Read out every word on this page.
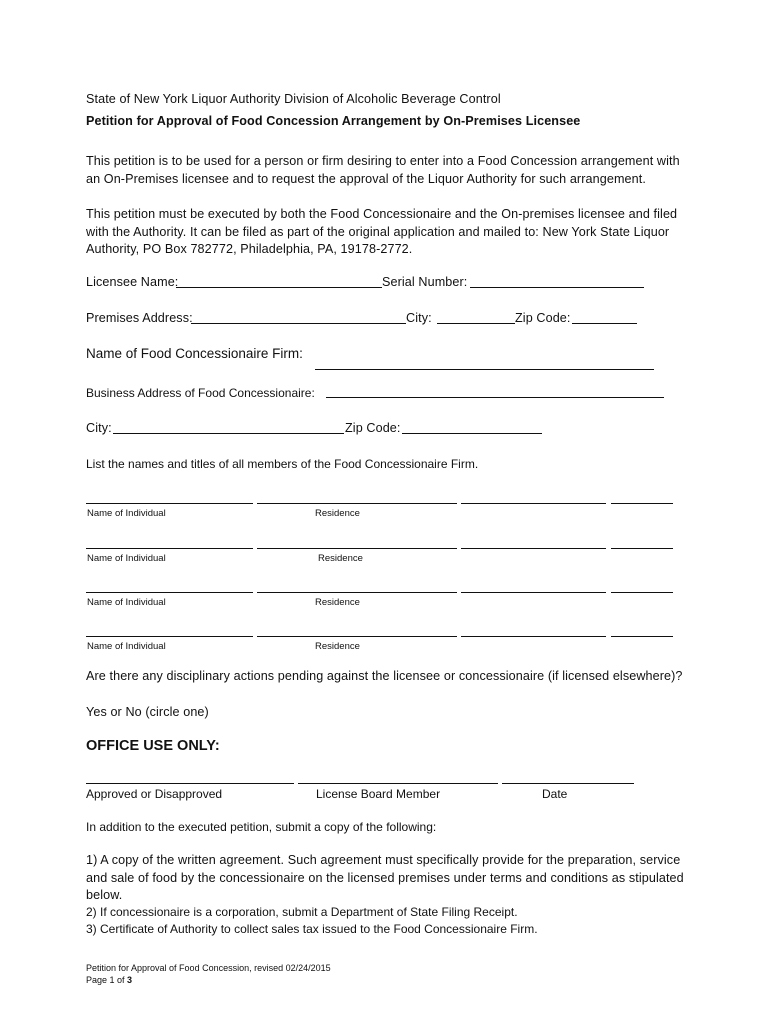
State of New York Liquor Authority Division of Alcoholic Beverage Control
Petition for Approval of Food Concession Arrangement by On-Premises Licensee
This petition is to be used for a person or firm desiring to enter into a Food Concession arrangement with an On-Premises licensee and to request the approval of the Liquor Authority for such arrangement.
This petition must be executed by both the Food Concessionaire and the On-premises licensee and filed with the Authority. It can be filed as part of the original application and mailed to: New York State Liquor Authority, PO Box 782772, Philadelphia, PA, 19178-2772.
Licensee Name:	Serial Number:
Premises Address:	City:	Zip Code:
Name of Food Concessionaire Firm:
Business Address of Food Concessionaire:
City:	Zip Code:
List the names and titles of all members of the Food Concessionaire Firm.
Name of Individual	Residence
Name of Individual	Residence
Name of Individual	Residence
Name of Individual	Residence
Are there any disciplinary actions pending against the licensee or concessionaire (if licensed elsewhere)?
Yes or No (circle one)
OFFICE USE ONLY:
Approved or Disapproved	License Board Member	Date
In addition to the executed petition, submit a copy of the following:
1) A copy of the written agreement. Such agreement must specifically provide for the preparation, service and sale of food by the concessionaire on the licensed premises under terms and conditions as stipulated below.
2) If concessionaire is a corporation, submit a Department of State Filing Receipt.
3) Certificate of Authority to collect sales tax issued to the Food Concessionaire Firm.
Petition for Approval of Food Concession, revised 02/24/2015
Page 1 of 3
